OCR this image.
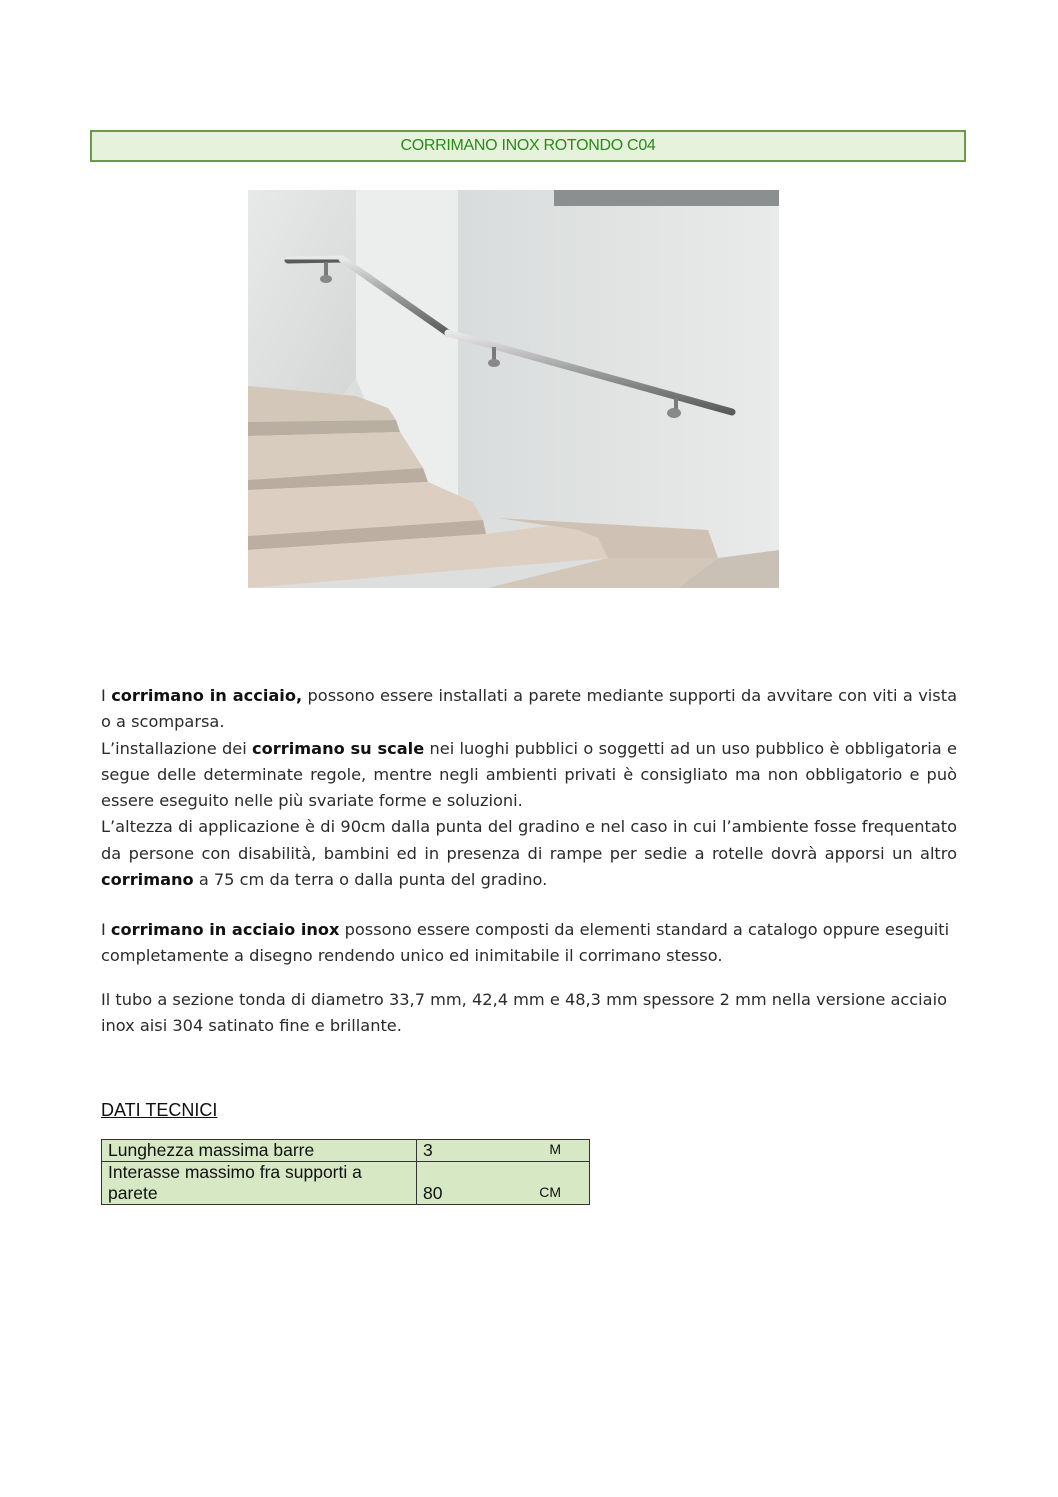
CORRIMANO INOX ROTONDO C04
I corrimano in acciaio, possono essere installati a parete mediante supporti da avvitare con viti a vista o a scomparsa.
L’installazione dei corrimano su scale nei luoghi pubblici o soggetti ad un uso pubblico è obbligatoria e segue delle determinate regole, mentre negli ambienti privati è consigliato ma non obbligatorio e può essere eseguito nelle più svariate forme e soluzioni.
L’altezza di applicazione è di 90cm dalla punta del gradino e nel caso in cui l’ambiente fosse frequentato da persone con disabilità, bambini ed in presenza di rampe per sedie a rotelle dovrà apporsi un altro corrimano a 75 cm da terra o dalla punta del gradino.
I corrimano in acciaio inox possono essere composti da elementi standard a catalogo oppure eseguiti completamente a disegno rendendo unico ed inimitabile il corrimano stesso.
Il tubo a sezione tonda di diametro 33,7 mm, 42,4 mm e 48,3 mm spessore 2 mm nella versione acciaio inox aisi 304 satinato fine e brillante.
DATI TECNICI
Lunghezza massima barre	3 M

Interasse massimo fra supporti a parete	80 CM
